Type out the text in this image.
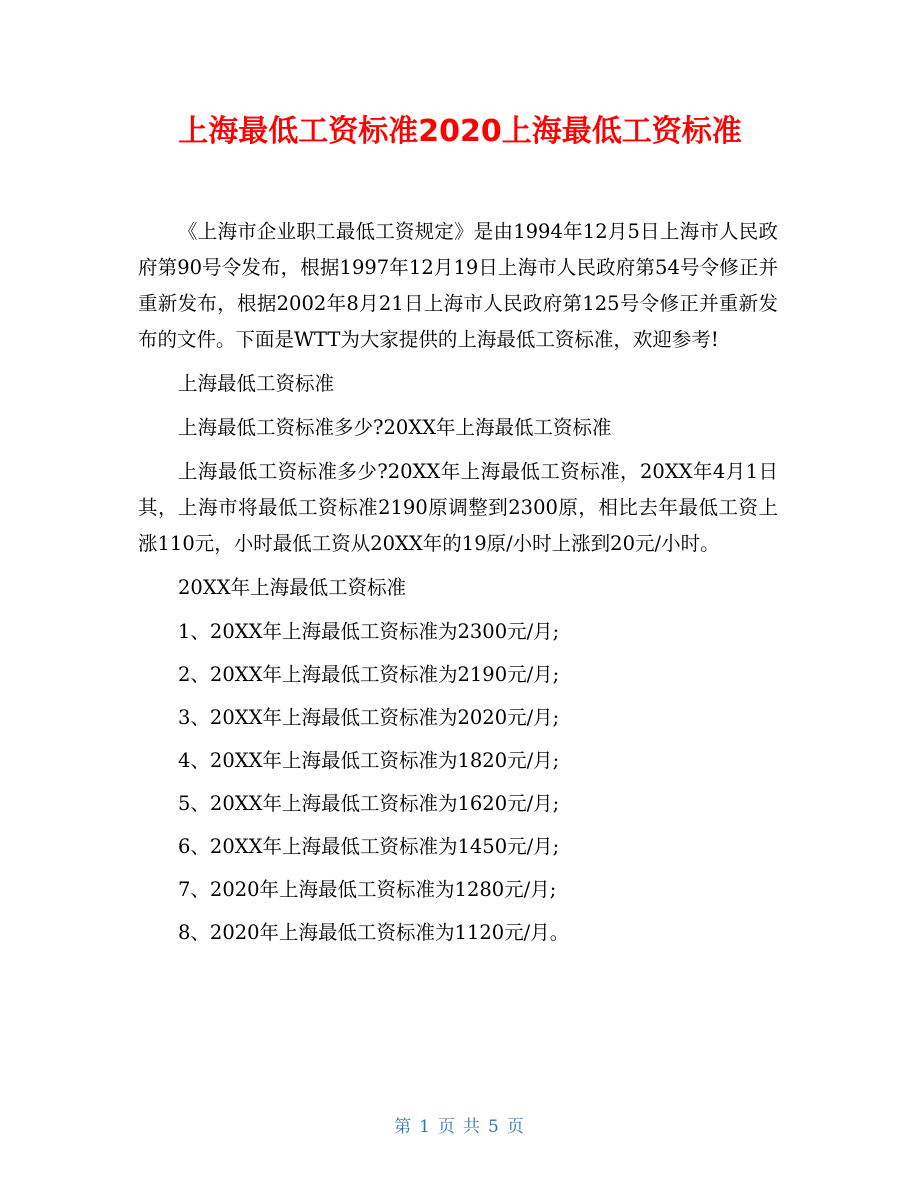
上海最低工资标准2020上海最低工资标准

《上海市企业职工最低工资规定》是由1994年12月5日上海市人民政府第90号令发布，根据1997年12月19日上海市人民政府第54号令修正并重新发布，根据2002年8月21日上海市人民政府第125号令修正并重新发布的文件。下面是WTT为大家提供的上海最低工资标准，欢迎参考!

上海最低工资标准

上海最低工资标准多少?20XX年上海最低工资标准

上海最低工资标准多少?20XX年上海最低工资标准，20XX年4月1日其，上海市将最低工资标准2190原调整到2300原，相比去年最低工资上涨110元，小时最低工资从20XX年的19原/小时上涨到20元/小时。

20XX年上海最低工资标准

1、20XX年上海最低工资标准为2300元/月;

2、20XX年上海最低工资标准为2190元/月;

3、20XX年上海最低工资标准为2020元/月;

4、20XX年上海最低工资标准为1820元/月;

5、20XX年上海最低工资标准为1620元/月;

6、20XX年上海最低工资标准为1450元/月;

7、2020年上海最低工资标准为1280元/月;

8、2020年上海最低工资标准为1120元/月。

第 1 页 共 5 页
